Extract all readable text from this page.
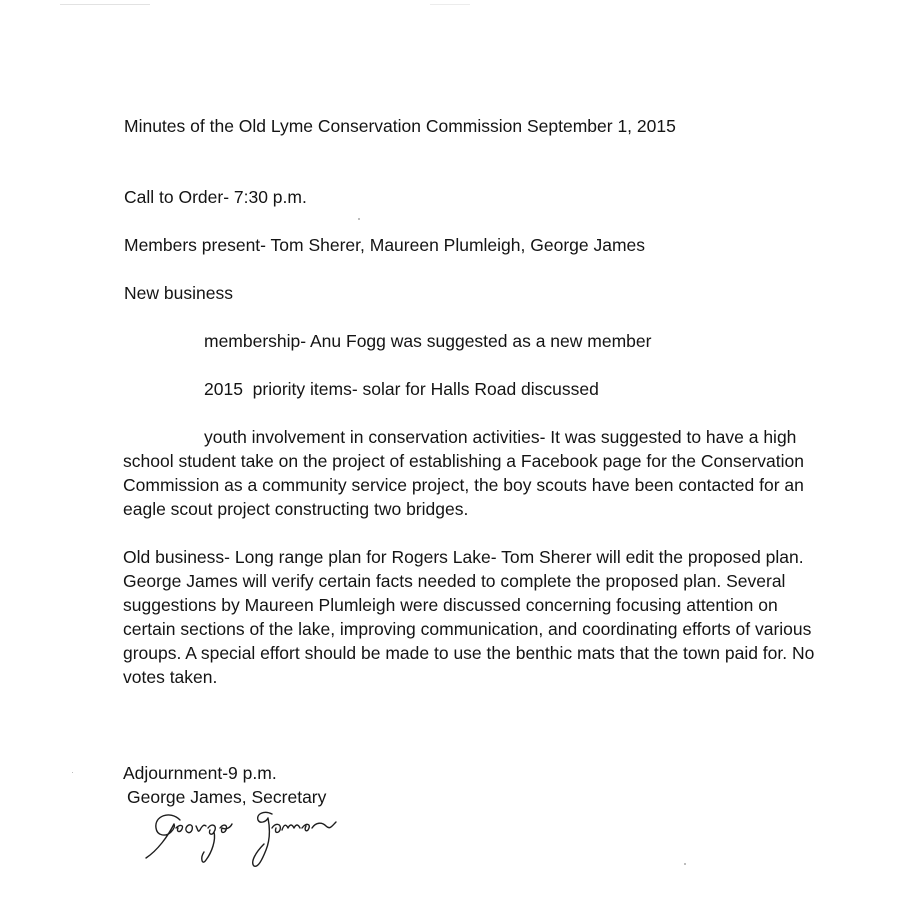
Minutes of the Old Lyme Conservation Commission September 1, 2015
Call to Order- 7:30 p.m.
Members present- Tom Sherer, Maureen Plumleigh, George James
New business
membership- Anu Fogg was suggested as a new member
2015  priority items- solar for Halls Road discussed
youth involvement in conservation activities- It was suggested to have a high school student take on the project of establishing a Facebook page for the Conservation Commission as a community service project, the boy scouts have been contacted for an eagle scout project constructing two bridges.
Old business- Long range plan for Rogers Lake- Tom Sherer will edit the proposed plan. George James will verify certain facts needed to complete the proposed plan. Several suggestions by Maureen Plumleigh were discussed concerning focusing attention on certain sections of the lake, improving communication, and coordinating efforts of various groups. A special effort should be made to use the benthic mats that the town paid for. No votes taken.
Adjournment-9 p.m.
George James, Secretary
